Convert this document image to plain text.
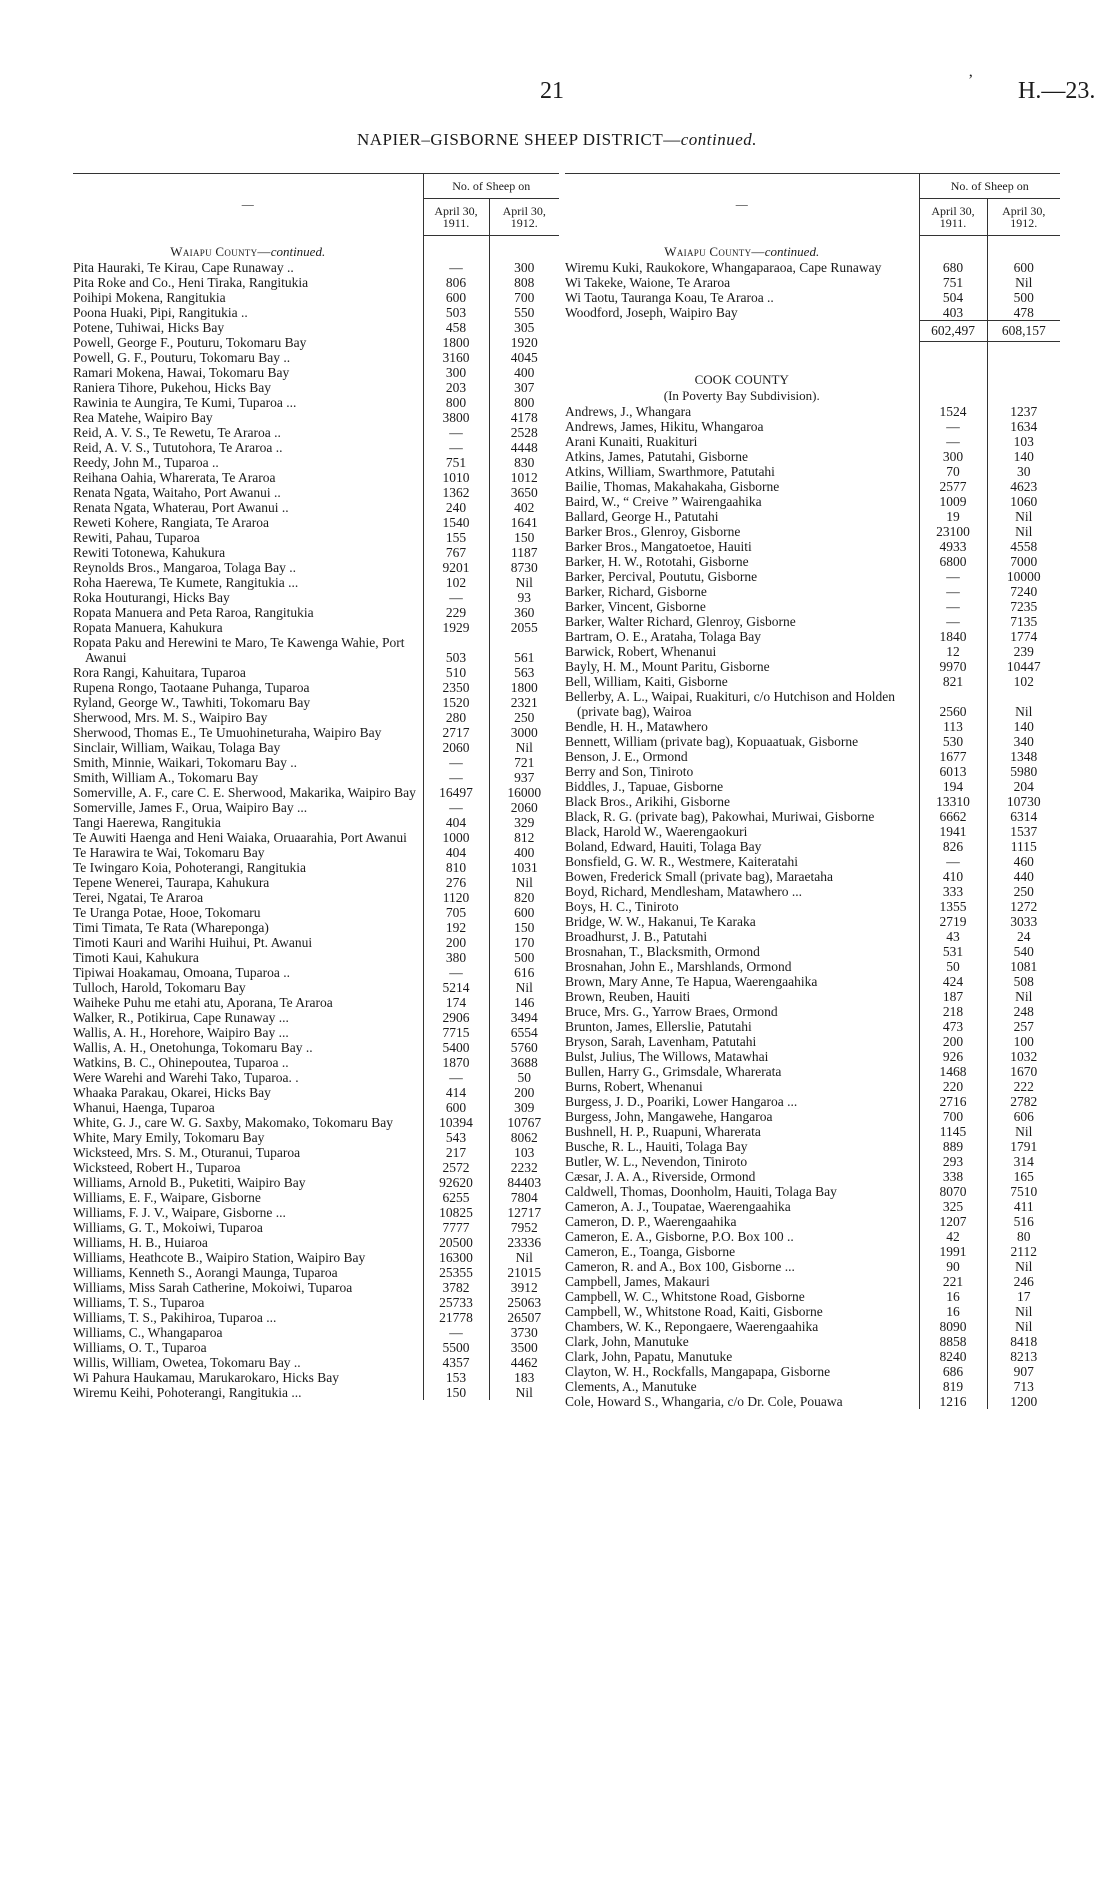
’
21	H.—23.
NAPIER–GISBORNE SHEEP DISTRICT—continued.
—	No. of Sheep on	
	April 30, 1911.	April 30, 1912.
Waiapu County—continued.		
Pita Hauraki, Te Kirau, Cape Runaway ..	—	300
Pita Roke and Co., Heni Tiraka, Rangitukia	806	808
Poihipi Mokena, Rangitukia	600	700
Poona Huaki, Pipi, Rangitukia ..	503	550
Potene, Tuhiwai, Hicks Bay	458	305
Powell, George F., Pouturu, Tokomaru Bay	1800	1920
Powell, G. F., Pouturu, Tokomaru Bay ..	3160	4045
Ramari Mokena, Hawai, Tokomaru Bay	300	400
Raniera Tihore, Pukehou, Hicks Bay	203	307
Rawinia te Aungira, Te Kumi, Tuparoa ...	800	800
Rea Matehe, Waipiro Bay	3800	4178
Reid, A. V. S., Te Rewetu, Te Araroa ..	—	2528
Reid, A. V. S., Tututohora, Te Araroa ..	—	4448
Reedy, John M., Tuparoa ..	751	830
Reihana Oahia, Wharerata, Te Araroa	1010	1012
Renata Ngata, Waitaho, Port Awanui ..	1362	3650
Renata Ngata, Whaterau, Port Awanui ..	240	402
Reweti Kohere, Rangiata, Te Araroa	1540	1641
Rewiti, Pahau, Tuparoa	155	150
Rewiti Totonewa, Kahukura	767	1187
Reynolds Bros., Mangaroa, Tolaga Bay ..	9201	8730
Roha Haerewa, Te Kumete, Rangitukia ...	102	Nil
Roka Houturangi, Hicks Bay	—	93
Ropata Manuera and Peta Raroa, Rangitukia	229	360
Ropata Manuera, Kahukura	1929	2055
Ropata Paku and Herewini te Maro, Te Kawenga Wahie, Port Awanui	503	561
Rora Rangi, Kahuitara, Tuparoa	510	563
Rupena Rongo, Taotaane Puhanga, Tuparoa	2350	1800
Ryland, George W., Tawhiti, Tokomaru Bay	1520	2321
Sherwood, Mrs. M. S., Waipiro Bay	280	250
Sherwood, Thomas E., Te Umuohineturaha, Waipiro Bay	2717	3000
Sinclair, William, Waikau, Tolaga Bay	2060	Nil
Smith, Minnie, Waikari, Tokomaru Bay ..	—	721
Smith, William A., Tokomaru Bay	—	937
Somerville, A. F., care C. E. Sherwood, Makarika, Waipiro Bay	16497	16000
Somerville, James F., Orua, Waipiro Bay ...	—	2060
Tangi Haerewa, Rangitukia	404	329
Te Auwiti Haenga and Heni Waiaka, Oruaarahia, Port Awanui	1000	812
Te Harawira te Wai, Tokomaru Bay	404	400
Te Iwingaro Koia, Pohoterangi, Rangitukia	810	1031
Tepene Wenerei, Taurapa, Kahukura	276	Nil
Terei, Ngatai, Te Araroa	1120	820
Te Uranga Potae, Hooe, Tokomaru	705	600
Timi Timata, Te Rata (Whareponga)	192	150
Timoti Kauri and Warihi Huihui, Pt. Awanui	200	170
Timoti Kaui, Kahukura	380	500
Tipiwai Hoakamau, Omoana, Tuparoa ..	—	616
Tulloch, Harold, Tokomaru Bay	5214	Nil
Waiheke Puhu me etahi atu, Aporana, Te Araroa	174	146
Walker, R., Potikirua, Cape Runaway ...	2906	3494
Wallis, A. H., Horehore, Waipiro Bay ...	7715	6554
Wallis, A. H., Onetohunga, Tokomaru Bay ..	5400	5760
Watkins, B. C., Ohinepoutea, Tuparoa ..	1870	3688
Were Warehi and Warehi Tako, Tuparoa. .	—	50
Whaaka Parakau, Okarei, Hicks Bay	414	200
Whanui, Haenga, Tuparoa	600	309
White, G. J., care W. G. Saxby, Makomako, Tokomaru Bay	10394	10767
White, Mary Emily, Tokomaru Bay	543	8062
Wicksteed, Mrs. S. M., Oturanui, Tuparoa	217	103
Wicksteed, Robert H., Tuparoa	2572	2232
Williams, Arnold B., Puketiti, Waipiro Bay	92620	84403
Williams, E. F., Waipare, Gisborne	6255	7804
Williams, F. J. V., Waipare, Gisborne ...	10825	12717
Williams, G. T., Mokoiwi, Tuparoa	7777	7952
Williams, H. B., Huiaroa	20500	23336
Williams, Heathcote B., Waipiro Station, Waipiro Bay	16300	Nil
Williams, Kenneth S., Aorangi Maunga, Tuparoa	25355	21015
Williams, Miss Sarah Catherine, Mokoiwi, Tuparoa	3782	3912
Williams, T. S., Tuparoa	25733	25063
Williams, T. S., Pakihiroa, Tuparoa ...	21778	26507
Williams, C., Whangaparoa	—	3730
Williams, O. T., Tuparoa	5500	3500
Willis, William, Owetea, Tokomaru Bay ..	4357	4462
Wi Pahura Haukamau, Marukarokaro, Hicks Bay	153	183
Wiremu Keihi, Pohoterangi, Rangitukia ...	150	Nil
—	No. of Sheep on	
	April 30, 1911.	April 30, 1912.
Waiapu County—continued.		
Wiremu Kuki, Raukokore, Whangaparaoa, Cape Runaway	680	600
Wi Takeke, Waione, Te Araroa	751	Nil
Wi Taotu, Tauranga Koau, Te Araroa ..	504	500
Woodford, Joseph, Waipiro Bay	403	478
	602,497	608,157

COOK COUNTY		
(In Poverty Bay Subdivision).		
Andrews, J., Whangara	1524	1237
Andrews, James, Hikitu, Whangaroa	—	1634
Arani Kunaiti, Ruakituri	—	103
Atkins, James, Patutahi, Gisborne	300	140
Atkins, William, Swarthmore, Patutahi	70	30
Bailie, Thomas, Makahakaha, Gisborne	2577	4623
Baird, W., “ Creive ” Wairengaahika	1009	1060
Ballard, George H., Patutahi	19	Nil
Barker Bros., Glenroy, Gisborne	23100	Nil
Barker Bros., Mangatoetoe, Hauiti	4933	4558
Barker, H. W., Rototahi, Gisborne	6800	7000
Barker, Percival, Poututu, Gisborne	—	10000
Barker, Richard, Gisborne	—	7240
Barker, Vincent, Gisborne	—	7235
Barker, Walter Richard, Glenroy, Gisborne	—	7135
Bartram, O. E., Arataha, Tolaga Bay	1840	1774
Barwick, Robert, Whenanui	12	239
Bayly, H. M., Mount Paritu, Gisborne	9970	10447
Bell, William, Kaiti, Gisborne	821	102
Bellerby, A. L., Waipai, Ruakituri, c/o Hutchison and Holden (private bag), Wairoa	2560	Nil
Bendle, H. H., Matawhero	113	140
Bennett, William (private bag), Kopuaatuak, Gisborne	530	340
Benson, J. E., Ormond	1677	1348
Berry and Son, Tiniroto	6013	5980
Biddles, J., Tapuae, Gisborne	194	204
Black Bros., Arikihi, Gisborne	13310	10730
Black, R. G. (private bag), Pakowhai, Muriwai, Gisborne	6662	6314
Black, Harold W., Waerengaokuri	1941	1537
Boland, Edward, Hauiti, Tolaga Bay	826	1115
Bonsfield, G. W. R., Westmere, Kaiteratahi	—	460
Bowen, Frederick Small (private bag), Maraetaha	410	440
Boyd, Richard, Mendlesham, Matawhero ...	333	250
Boys, H. C., Tiniroto	1355	1272
Bridge, W. W., Hakanui, Te Karaka	2719	3033
Broadhurst, J. B., Patutahi	43	24
Brosnahan, T., Blacksmith, Ormond	531	540
Brosnahan, John E., Marshlands, Ormond	50	1081
Brown, Mary Anne, Te Hapua, Waerengaahika	424	508
Brown, Reuben, Hauiti	187	Nil
Bruce, Mrs. G., Yarrow Braes, Ormond	218	248
Brunton, James, Ellerslie, Patutahi	473	257
Bryson, Sarah, Lavenham, Patutahi	200	100
Bulst, Julius, The Willows, Matawhai	926	1032
Bullen, Harry G., Grimsdale, Wharerata	1468	1670
Burns, Robert, Whenanui	220	222
Burgess, J. D., Poariki, Lower Hangaroa ...	2716	2782
Burgess, John, Mangawehe, Hangaroa	700	606
Bushnell, H. P., Ruapuni, Wharerata	1145	Nil
Busche, R. L., Hauiti, Tolaga Bay	889	1791
Butler, W. L., Nevendon, Tiniroto	293	314
Cæsar, J. A. A., Riverside, Ormond	338	165
Caldwell, Thomas, Doonholm, Hauiti, Tolaga Bay	8070	7510
Cameron, A. J., Toupatae, Waerengaahika	325	411
Cameron, D. P., Waerengaahika	1207	516
Cameron, E. A., Gisborne, P.O. Box 100 ..	42	80
Cameron, E., Toanga, Gisborne	1991	2112
Cameron, R. and A., Box 100, Gisborne ...	90	Nil
Campbell, James, Makauri	221	246
Campbell, W. C., Whitstone Road, Gisborne	16	17
Campbell, W., Whitstone Road, Kaiti, Gisborne	16	Nil
Chambers, W. K., Repongaere, Waerengaahika	8090	Nil
Clark, John, Manutuke	8858	8418
Clark, John, Papatu, Manutuke	8240	8213
Clayton, W. H., Rockfalls, Mangapapa, Gisborne	686	907
Clements, A., Manutuke	819	713
Cole, Howard S., Whangaria, c/o Dr. Cole, Pouawa	1216	1200
